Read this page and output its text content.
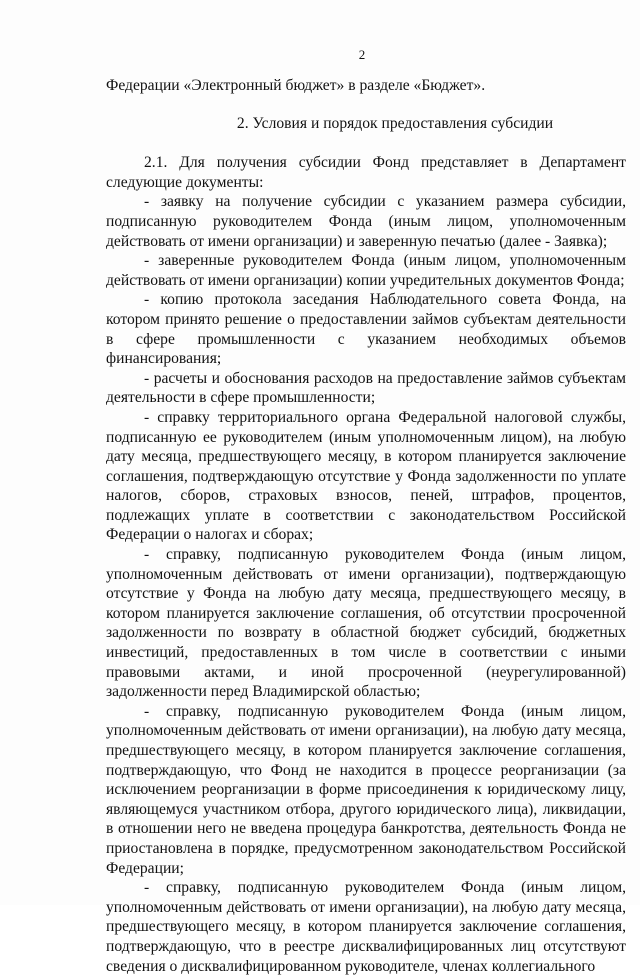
2

Федерации «Электронный бюджет» в разделе «Бюджет».

2. Условия и порядок предоставления субсидии

2.1. Для получения субсидии Фонд представляет в Департамент следующие документы:

- заявку на получение субсидии с указанием размера субсидии, подписанную руководителем Фонда (иным лицом, уполномоченным действовать от имени организации) и заверенную печатью (далее - Заявка);

- заверенные руководителем Фонда (иным лицом, уполномоченным действовать от имени организации) копии учредительных документов Фонда;

- копию протокола заседания Наблюдательного совета Фонда, на котором принято решение о предоставлении займов субъектам деятельности в сфере промышленности с указанием необходимых объемов финансирования;

- расчеты и обоснования расходов на предоставление займов субъектам деятельности в сфере промышленности;

- справку территориального органа Федеральной налоговой службы, подписанную ее руководителем (иным уполномоченным лицом), на любую дату месяца, предшествующего месяцу, в котором планируется заключение соглашения, подтверждающую отсутствие у Фонда задолженности по уплате налогов, сборов, страховых взносов, пеней, штрафов, процентов, подлежащих уплате в соответствии с законодательством Российской Федерации о налогах и сборах;

- справку, подписанную руководителем Фонда (иным лицом, уполномоченным действовать от имени организации), подтверждающую отсутствие у Фонда на любую дату месяца, предшествующего месяцу, в котором планируется заключение соглашения, об отсутствии просроченной задолженности по возврату в областной бюджет субсидий, бюджетных инвестиций, предоставленных в том числе в соответствии с иными правовыми актами, и иной просроченной (неурегулированной) задолженности перед Владимирской областью;

- справку, подписанную руководителем Фонда (иным лицом, уполномоченным действовать от имени организации), на любую дату месяца, предшествующего месяцу, в котором планируется заключение соглашения, подтверждающую, что Фонд не находится в процессе реорганизации (за исключением реорганизации в форме присоединения к юридическому лицу, являющемуся участником отбора, другого юридического лица), ликвидации, в отношении него не введена процедура банкротства, деятельность Фонда не приостановлена в порядке, предусмотренном законодательством Российской Федерации;

- справку, подписанную руководителем Фонда (иным лицом, уполномоченным действовать от имени организации), на любую дату месяца, предшествующего месяцу, в котором планируется заключение соглашения, подтверждающую, что в реестре дисквалифицированных лиц отсутствуют сведения о дисквалифицированном руководителе, членах коллегиального
